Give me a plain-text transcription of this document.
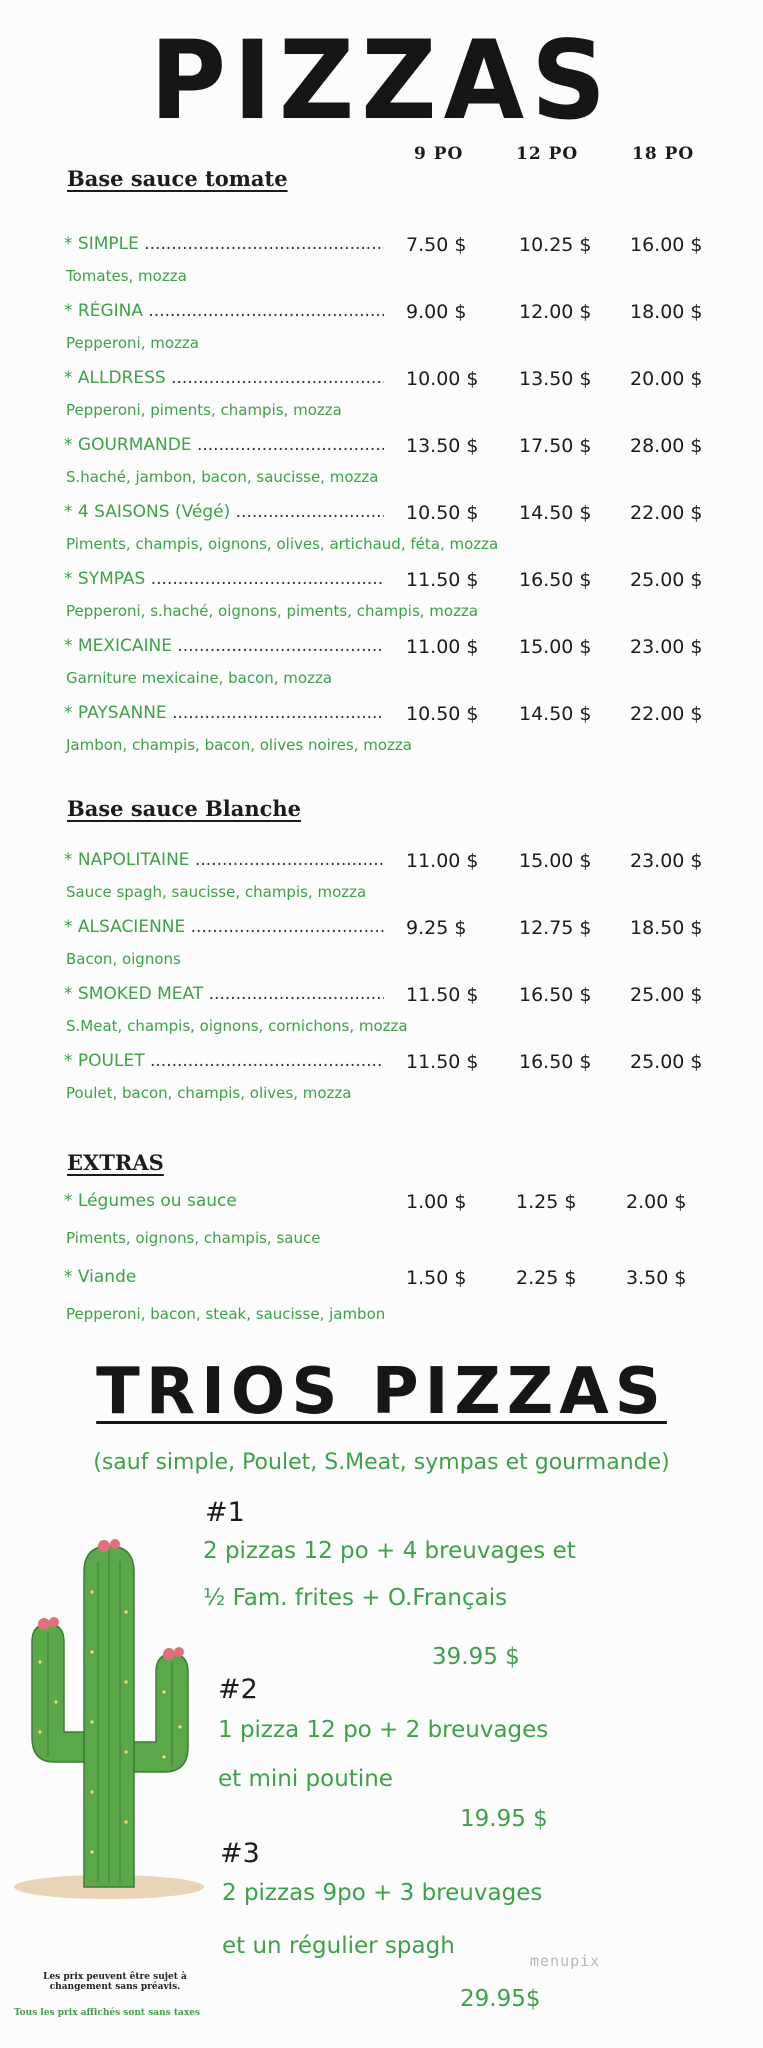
PIZZAS
9 PO	12 PO	18 PO
Base sauce tomate
* SIMPLE .....	7.50 $	10.25 $ 16.00 $
Tomates, mozza
* RÉGINA .....	9.00 $	12.00 $ 18.00 $
Pepperoni, mozza
* ALLDRESS .....	10.00 $ 13.50 $ 20.00 $
Pepperoni, piments, champis, mozza
* GOURMANDE .....	13.50 $ 17.50 $ 28.00 $
S.haché, jambon, bacon, saucisse, mozza
* 4 SAISONS (Végé) .....	10.50 $ 14.50 $ 22.00 $
Piments, champis, oignons, olives, artichaud, féta, mozza
* SYMPAS .....	11.50 $ 16.50 $ 25.00 $
Pepperoni, s.haché, oignons, piments, champis, mozza
* MEXICAINE .....	11.00 $ 15.00 $ 23.00 $
Garniture mexicaine, bacon, mozza
* PAYSANNE .....	10.50 $ 14.50 $ 22.00 $
Jambon, champis, bacon, olives noires, mozza
Base sauce Blanche
* NAPOLITAINE .....	11.00 $ 15.00 $ 23.00 $
Sauce spagh, saucisse, champis, mozza
* ALSACIENNE .....	9.25 $	12.75 $ 18.50 $
Bacon, oignons
* SMOKED MEAT .....	11.50 $ 16.50 $ 25.00 $
S.Meat, champis, oignons, cornichons, mozza
* POULET .....	11.50 $ 16.50 $ 25.00 $
Poulet, bacon, champis, olives, mozza
EXTRAS
* Légumes ou sauce	1.00 $	1.25 $	2.00 $
Piments, oignons, champis, sauce
* Viande	1.50 $	2.25 $	3.50 $
Pepperoni, bacon, steak, saucisse, jambon
TRIOS PIZZAS
(sauf simple, Poulet, S.Meat, sympas et gourmande)
#1
2 pizzas 12 po + 4 breuvages et
½ Fam. frites + O.Français
39.95 $
#2
1 pizza 12 po + 2 breuvages
et mini poutine
19.95 $
#3
2 pizzas 9po + 3 breuvages
et un régulier spagh
29.95$
Les prix peuvent être sujet à
changement sans préavis.
Tous les prix affichés sont sans taxes
menupix
